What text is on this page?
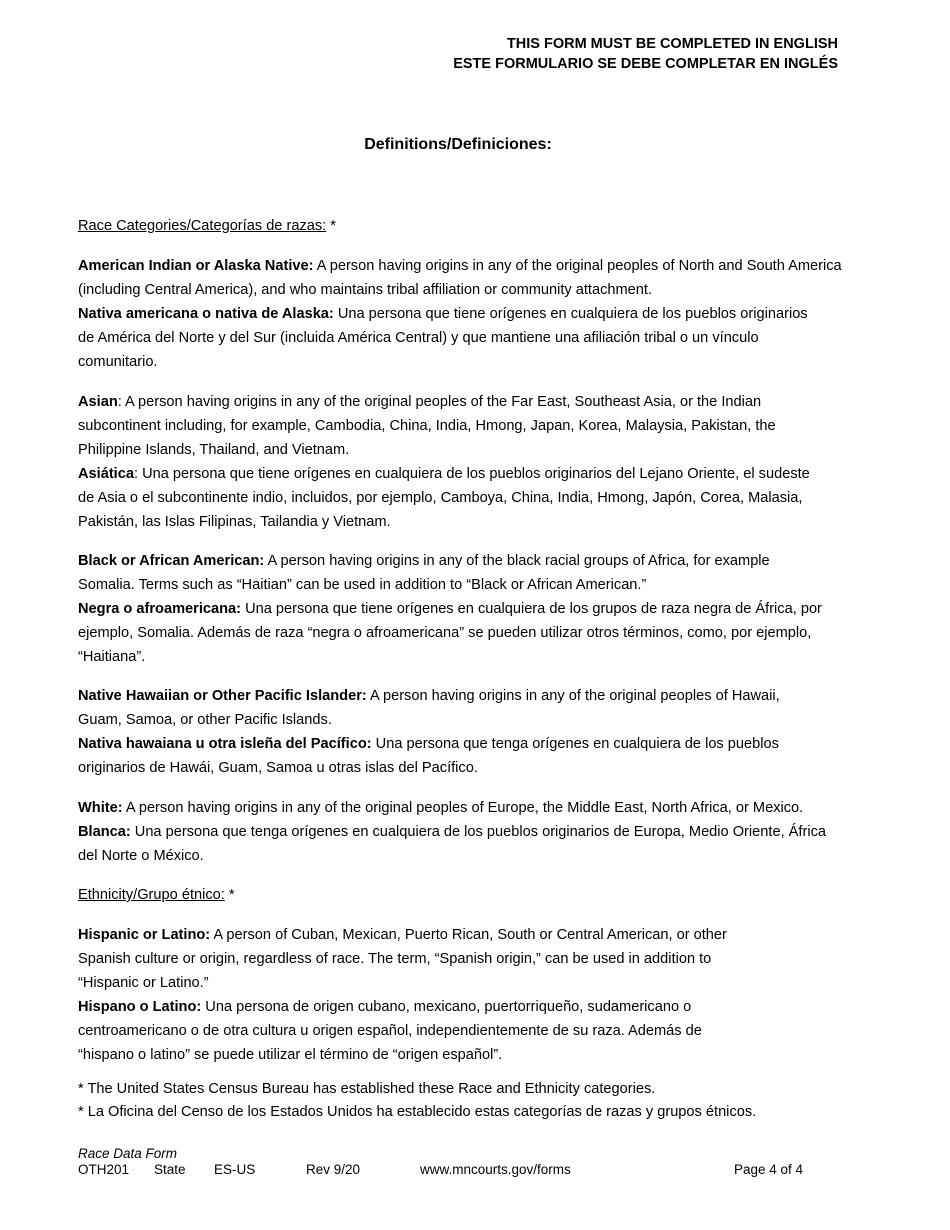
THIS FORM MUST BE COMPLETED IN ENGLISH
ESTE FORMULARIO SE DEBE COMPLETAR EN INGLÉS
Definitions/Definiciones:
Race Categories/Categorías de razas: *

American Indian or Alaska Native: A person having origins in any of the original peoples of North and South America (including Central America), and who maintains tribal affiliation or community attachment.

Nativa americana o nativa de Alaska: Una persona que tiene orígenes en cualquiera de los pueblos originarios de América del Norte y del Sur (incluida América Central) y que mantiene una afiliación tribal o un vínculo comunitario.

Asian: A person having origins in any of the original peoples of the Far East, Southeast Asia, or the Indian subcontinent including, for example, Cambodia, China, India, Hmong, Japan, Korea, Malaysia, Pakistan, the Philippine Islands, Thailand, and Vietnam.

Asiática: Una persona que tiene orígenes en cualquiera de los pueblos originarios del Lejano Oriente, el sudeste de Asia o el subcontinente indio, incluidos, por ejemplo, Camboya, China, India, Hmong, Japón, Corea, Malasia, Pakistán, las Islas Filipinas, Tailandia y Vietnam.

Black or African American: A person having origins in any of the black racial groups of Africa, for example Somalia. Terms such as “Haitian” can be used in addition to “Black or African American.”

Negra o afroamericana: Una persona que tiene orígenes en cualquiera de los grupos de raza negra de África, por ejemplo, Somalia. Además de raza “negra o afroamericana” se pueden utilizar otros términos, como, por ejemplo, “Haitiana”.

Native Hawaiian or Other Pacific Islander: A person having origins in any of the original peoples of Hawaii, Guam, Samoa, or other Pacific Islands.

Nativa hawaiana u otra isleña del Pacífico: Una persona que tenga orígenes en cualquiera de los pueblos originarios de Hawái, Guam, Samoa u otras islas del Pacífico.

White: A person having origins in any of the original peoples of Europe, the Middle East, North Africa, or Mexico.

Blanca: Una persona que tenga orígenes en cualquiera de los pueblos originarios de Europa, Medio Oriente, África del Norte o México.

Ethnicity/Grupo étnico: *

Hispanic or Latino: A person of Cuban, Mexican, Puerto Rican, South or Central American, or other Spanish culture or origin, regardless of race. The term, “Spanish origin,” can be used in addition to “Hispanic or Latino.”

Hispano o Latino: Una persona de origen cubano, mexicano, puertorriqueño, sudamericano o centroamericano o de otra cultura u origen español, independientemente de su raza. Además de “hispano o latino” se puede utilizar el término de “origen español”.

* The United States Census Bureau has established these Race and Ethnicity categories.

* La Oficina del Censo de los Estados Unidos ha establecido estas categorías de razas y grupos étnicos.

Race Data Form
OTH201 State ES-US	Rev 9/20	www.mncourts.gov/forms	Page 4 of 4
